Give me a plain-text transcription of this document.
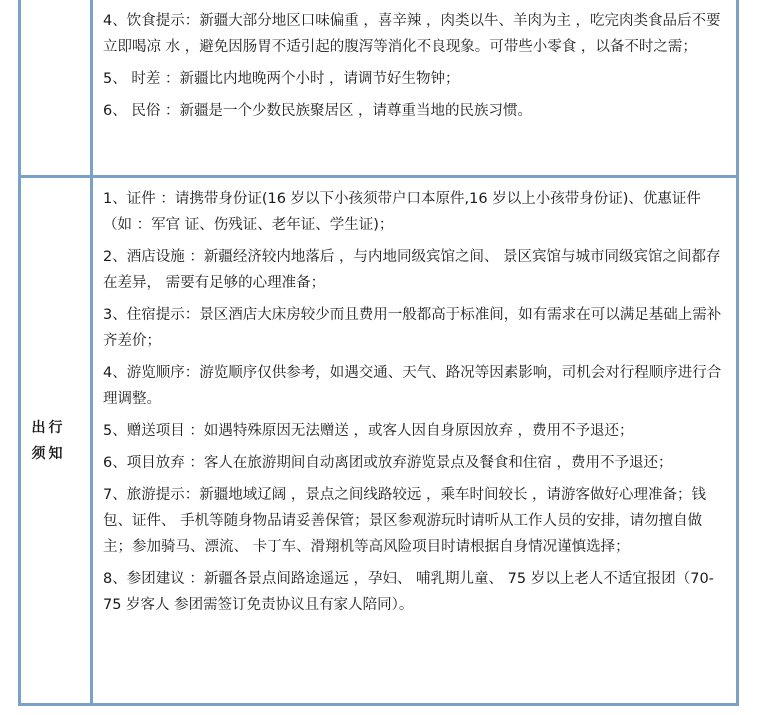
4、饮食提示：新疆大部分地区口味偏重 ，喜辛辣 ，肉类以牛、羊肉为主 ，吃完肉类食品后不要立即喝凉 水 ，避免因肠胃不适引起的腹泻等消化不良现象。可带些小零食 ，以备不时之需；

5、 时差 ：新疆比内地晚两个小时 ，请调节好生物钟；

6、 民俗 ：新疆是一个少数民族聚居区 ，请尊重当地的民族习惯。

出行须知

1、证件 ：请携带身份证(16 岁以下小孩须带户口本原件,16 岁以上小孩带身份证)、优惠证件（如 ：军官 证、伤残证、老年证、学生证)；

2、酒店设施 ：新疆经济较内地落后 ，与内地同级宾馆之间、 景区宾馆与城市同级宾馆之间都存在差异， 需要有足够的心理准备；

3、住宿提示：景区酒店大床房较少而且费用一般都高于标准间，如有需求在可以满足基础上需补齐差价；

4、游览顺序：游览顺序仅供参考，如遇交通、天气、路况等因素影响，司机会对行程顺序进行合理调整。

5、赠送项目 ：如遇特殊原因无法赠送 ，或客人因自身原因放弃 ，费用不予退还；

6、项目放弃 ：客人在旅游期间自动离团或放弃游览景点及餐食和住宿 ，费用不予退还；

7、旅游提示：新疆地域辽阔 ，景点之间线路较远 ，乘车时间较长 ，请游客做好心理准备；钱包、证件、 手机等随身物品请妥善保管；景区参观游玩时请听从工作人员的安排，请勿擅自做主；参加骑马、漂流、 卡丁车、滑翔机等高风险项目时请根据自身情况谨慎选择；

8、参团建议 ：新疆各景点间路途遥远 ，孕妇、 哺乳期儿童、 75 岁以上老人不适宜报团（70-75 岁客人 参团需签订免责协议且有家人陪同）。
